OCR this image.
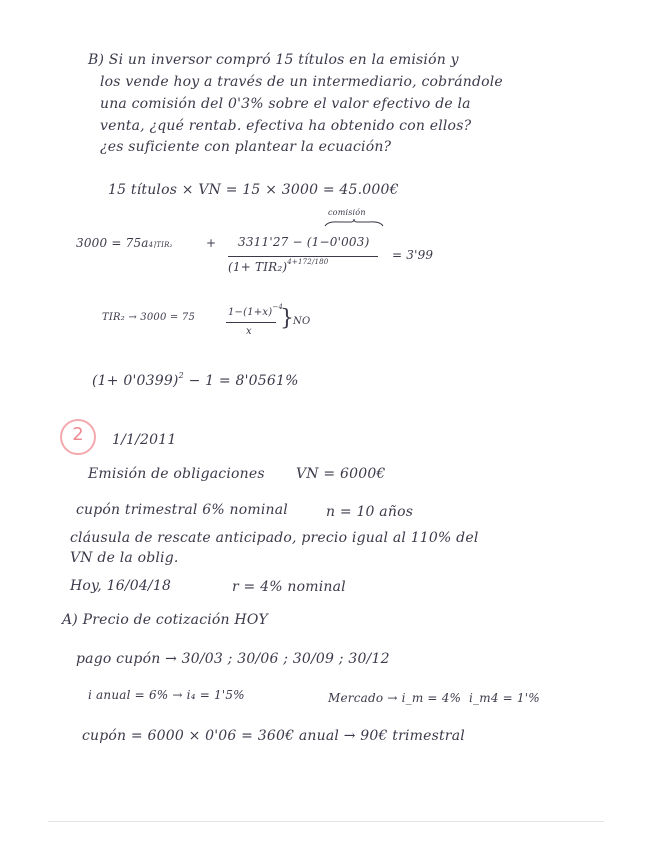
B) Si un inversor compró 15 títulos en la emisión y
los vende hoy a través de un intermediario, cobrándole
una comisión del 0'3% sobre el valor efectivo de la
venta, ¿qué rentab. efectiva ha obtenido con ellos?
¿es suficiente con plantear la ecuación?
15 títulos × VN = 15 × 3000 = 45.000€
comisión
3000 = 75a4⌉TIR₂	+ 3311'27 − (1−0'003)
$(1+ TIR_2)^{4+172/180}$	= 3'99
TIR₂ → 3000 = 75	$1-(1+x)^{-4}$
x
}
NO
$(1+ 0'0399)^2 - 1 = 8'0561\%$
2	1/1/2011
Emisión de obligaciones VN = 6000€
cupón trimestral 6% nominal	n = 10 años
cláusula de rescate anticipado, precio igual al 110% del
VN de la oblig.
Hoy, 16/04/18	r = 4% nominal
A) Precio de cotización HOY
pago cupón → 30/03 ; 30/06 ; 30/09 ; 30/12
i anual = 6% → i₄ = 1'5%	Mercado → i_m = 4% i_m4 = 1'%
cupón = 6000 × 0'06 = 360€ anual → 90€ trimestral
